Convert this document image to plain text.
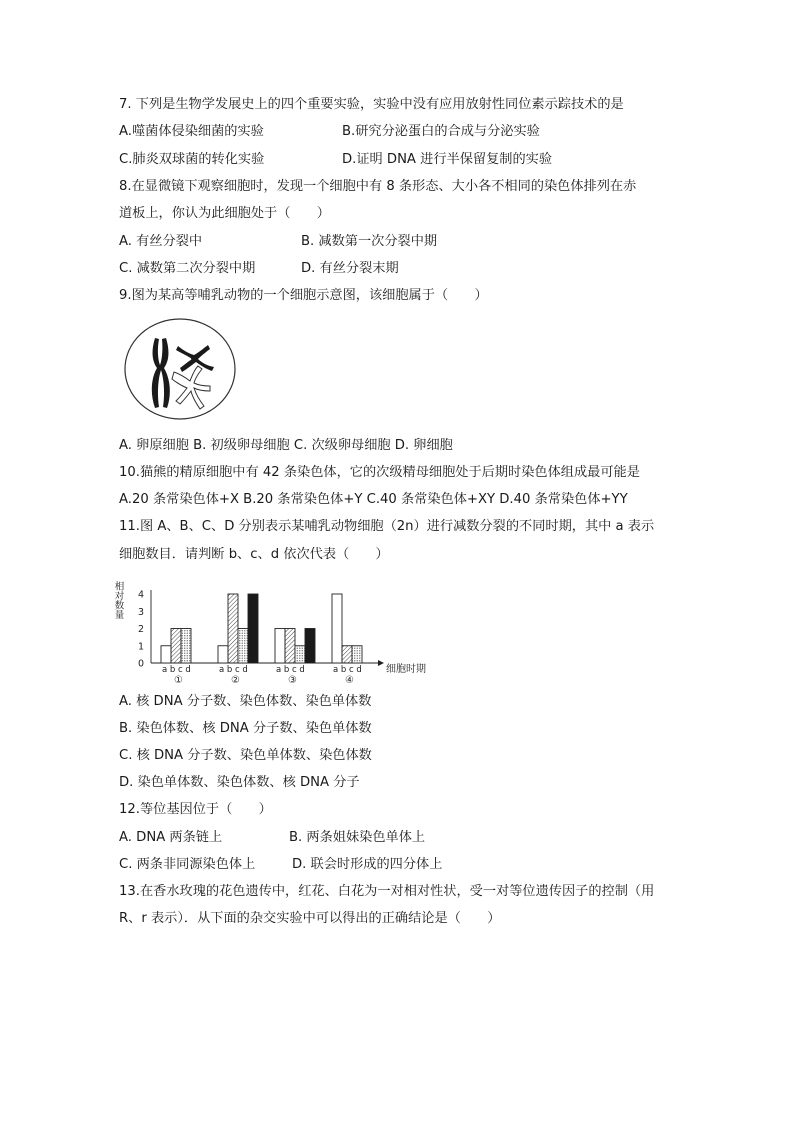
7. 下列是生物学发展史上的四个重要实验，实验中没有应用放射性同位素示踪技术的是
A.噬菌体侵染细菌的实验	B.研究分泌蛋白的合成与分泌实验
C.肺炎双球菌的转化实验	D.证明 DNA 进行半保留复制的实验
8.在显微镜下观察细胞时，发现一个细胞中有 8 条形态、大小各不相同的染色体排列在赤
道板上，你认为此细胞处于（　　）
A. 有丝分裂中	B. 减数第一次分裂中期
C. 减数第二次分裂中期	D. 有丝分裂末期
9.图为某高等哺乳动物的一个细胞示意图，该细胞属于（　　）
A. 卵原细胞 B. 初级卵母细胞 C. 次级卵母细胞 D. 卵细胞
10.猫熊的精原细胞中有 42 条染色体，它的次级精母细胞处于后期时染色体组成最可能是
A.20 条常染色体+X B.20 条常染色体+Y C.40 条常染色体+XY D.40 条常染色体+YY
11.图 A、B、C、D 分别表示某哺乳动物细胞（2n）进行减数分裂的不同时期，其中 a 表示
细胞数目．请判断 b、c、d 依次代表（　　）
相对数量
0
1
2
3
4
a b c d
①
a b c d
②
a b c d
③
a b c d
④
细胞时期
A. 核 DNA 分子数、染色体数、染色单体数
B. 染色体数、核 DNA 分子数、染色单体数
C. 核 DNA 分子数、染色单体数、染色体数
D. 染色单体数、染色体数、核 DNA 分子
12.等位基因位于（　　）
A. DNA 两条链上	B. 两条姐妹染色单体上
C. 两条非同源染色体上	D. 联会时形成的四分体上
13.在香水玫瑰的花色遗传中，红花、白花为一对相对性状，受一对等位遗传因子的控制（用
R、r 表示）．从下面的杂交实验中可以得出的正确结论是（　　）
